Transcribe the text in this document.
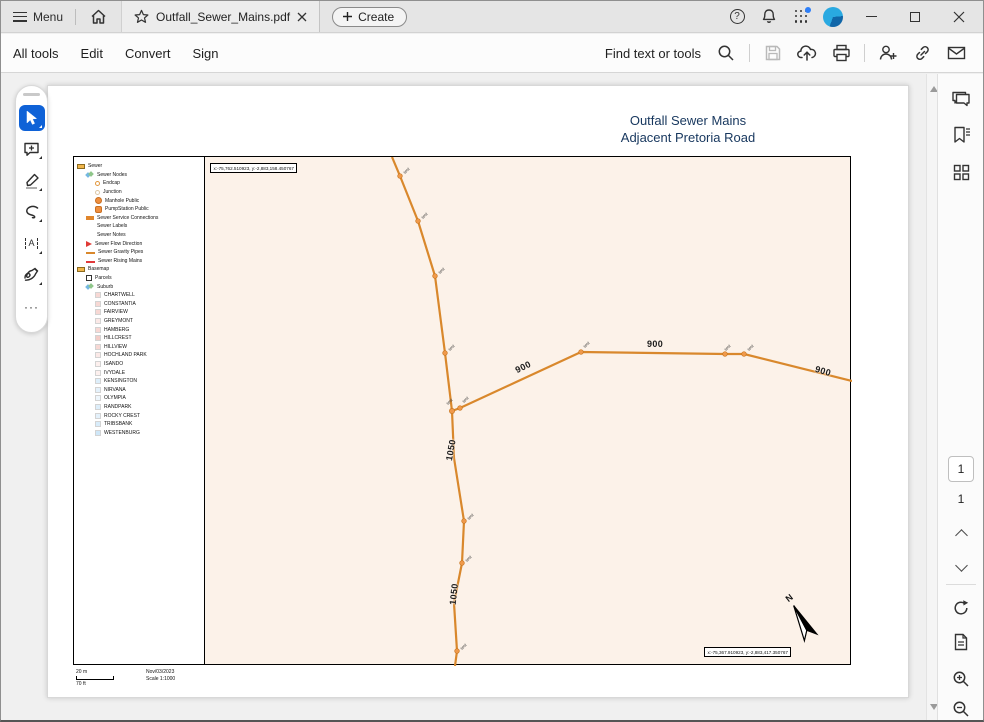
Menu	Outfall_Sewer_Mains.pdf	Create	?
All tools Edit Convert Sign	Find text or tools
Outfall Sewer Mains
Adjacent Pretoria Road
Sewer
Sewer Nodes
Endcap
Junction
Manhole Public
PumpStation Public
Sewer Service Connections
Sewer Labels
Sewer Notes
Sewer Flow Direction
Sewer Gravity Pipes
Sewer Rising Mains
Basemap
Parcels
Suburb
CHARTWELL
CONSTANTIA
FAIRVIEW
GREYMONT
HAMBERG
HILLCREST
HILLVIEW
HOCHLAND PARK
ISANDO
IVYDALE
KENSINGTON
NIRVANA
OLYMPIA
RANDPARK
ROCKY CREST
TRIBSBANK
WESTENBURG
x:-75,762.510923, y:-2,883,158.450767
x:-75,367.910923, y:-2,883,417.350767
test
test
test
test
test test
test	test	test
test
test
test
900
900	900
1050
1050	N
20 m
70 ft
Nov/03/2023
Scale 1:1000
A
···
1
1
